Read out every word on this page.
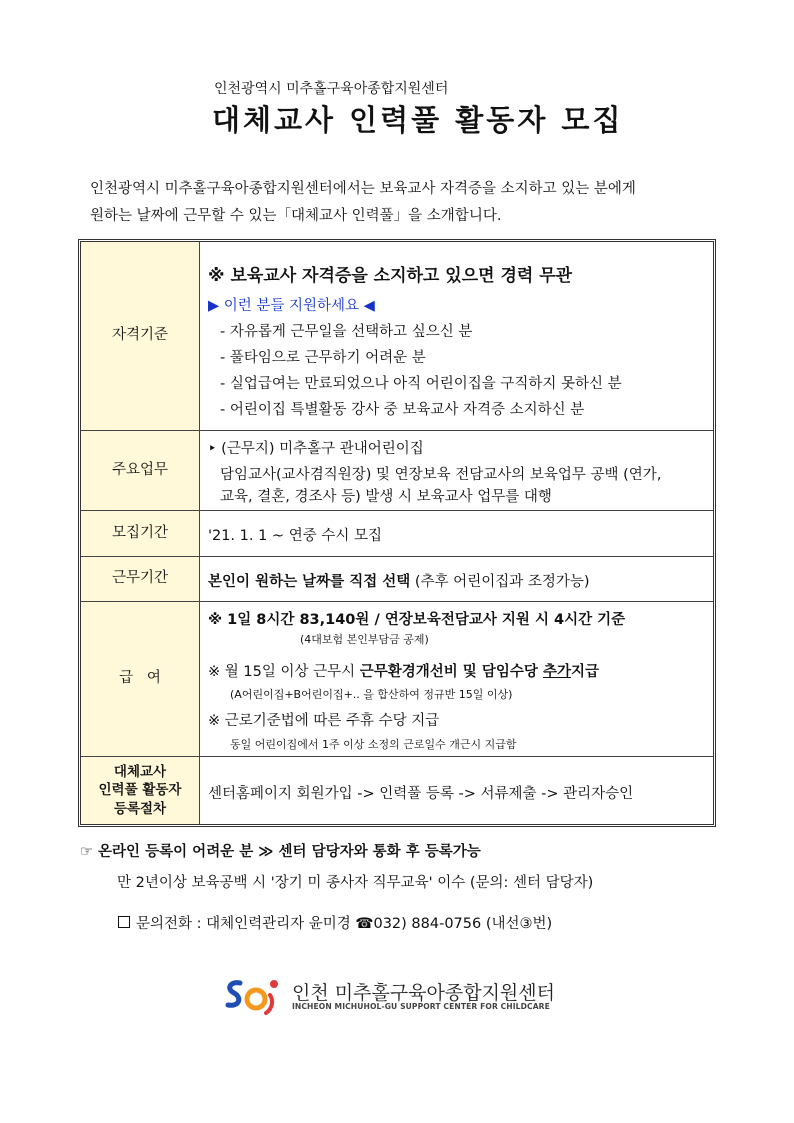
인천광역시 미추홀구육아종합지원센터
대체교사 인력풀 활동자 모집
인천광역시 미추홀구육아종합지원센터에서는 보육교사 자격증을 소지하고 있는 분에게
원하는 날짜에 근무할 수 있는「대체교사 인력풀」을 소개합니다.
자격기준
※ 보육교사 자격증을 소지하고 있으면 경력 무관
▶ 이런 분들 지원하세요 ◀
- 자유롭게 근무일을 선택하고 싶으신 분
- 풀타임으로 근무하기 어려운 분
- 실업급여는 만료되었으나 아직 어린이집을 구직하지 못하신 분
- 어린이집 특별활동 강사 중 보육교사 자격증 소지하신 분
주요업무
‣ (근무지) 미추홀구 관내어린이집
담임교사(교사겸직원장) 및 연장보육 전담교사의 보육업무 공백 (연가,
교육, 결혼, 경조사 등) 발생 시 보육교사 업무를 대행
모집기간	'21. 1. 1 ~ 연중 수시 모집
근무기간	본인이 원하는 날짜를 직접 선택 (추후 어린이집과 조정가능)
급   여
※ 1일 8시간 83,140원 / 연장보육전담교사 지원 시 4시간 기준
(4대보험 본인부담금 공제)
※ 월 15일 이상 근무시 근무환경개선비 및 담임수당 추가지급
(A어린이집+B어린이집+.. 을 합산하여 정규반 15일 이상)
※ 근로기준법에 따른 주휴 수당 지급
동일 어린이집에서 1주 이상 소정의 근로일수 개근시 지급함
대체교사
인력풀 활동자
등록절차
센터홈페이지 회원가입 -> 인력풀 등록 -> 서류제출 -> 관리자승인
☞ 온라인 등록이 어려운 분 ≫ 센터 담당자와 통화 후 등록가능
만 2년이상 보육공백 시 '장기 미 종사자 직무교육' 이수 (문의: 센터 담당자)
문의전화 : 대체인력관리자 윤미경 ☎032) 884-0756 (내선③번)
인천 미추홀구육아종합지원센터
INCHEON MICHUHOL-GU SUPPORT CENTER FOR CHILDCARE
